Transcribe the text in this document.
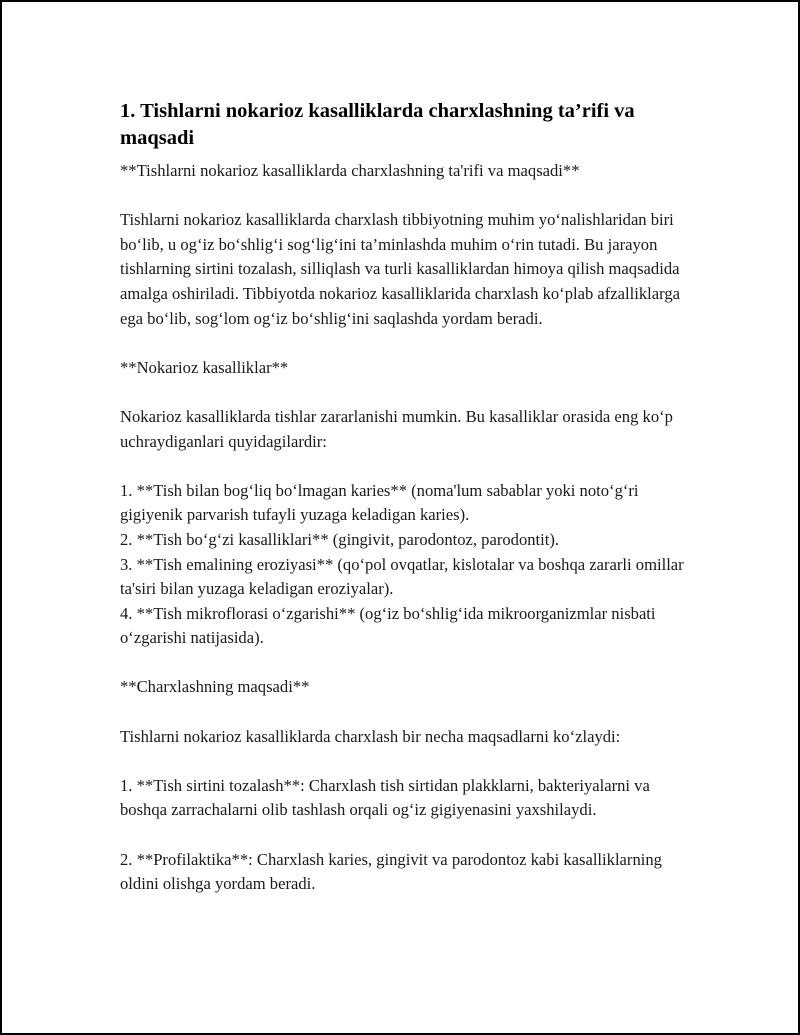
1. Tishlarni nokarioz kasalliklarda charxlashning ta’rifi va maqsadi

**Tishlarni nokarioz kasalliklarda charxlashning ta'rifi va maqsadi**

Tishlarni nokarioz kasalliklarda charxlash tibbiyotning muhim yo‘nalishlaridan biri bo‘lib, u og‘iz bo‘shlig‘i sog‘lig‘ini ta’minlashda muhim o‘rin tutadi. Bu jarayon tishlarning sirtini tozalash, silliqlash va turli kasalliklardan himoya qilish maqsadida amalga oshiriladi. Tibbiyotda nokarioz kasalliklarida charxlash ko‘plab afzalliklarga ega bo‘lib, sog‘lom og‘iz bo‘shlig‘ini saqlashda yordam beradi.

**Nokarioz kasalliklar**

Nokarioz kasalliklarda tishlar zararlanishi mumkin. Bu kasalliklar orasida eng ko‘p uchraydiganlari quyidagilardir:

1. **Tish bilan bog‘liq bo‘lmagan karies** (noma'lum sabablar yoki noto‘g‘ri gigiyenik parvarish tufayli yuzaga keladigan karies).

2. **Tish bo‘g‘zi kasalliklari** (gingivit, parodontoz, parodontit).

3. **Tish emalining eroziyasi** (qo‘pol ovqatlar, kislotalar va boshqa zararli omillar ta'siri bilan yuzaga keladigan eroziyalar).

4. **Tish mikroflorasi o‘zgarishi** (og‘iz bo‘shlig‘ida mikroorganizmlar nisbati o‘zgarishi natijasida).

**Charxlashning maqsadi**

Tishlarni nokarioz kasalliklarda charxlash bir necha maqsadlarni ko‘zlaydi:

1. **Tish sirtini tozalash**: Charxlash tish sirtidan plakklarni, bakteriyalarni va boshqa zarrachalarni olib tashlash orqali og‘iz gigiyenasini yaxshilaydi.

2. **Profilaktika**: Charxlash karies, gingivit va parodontoz kabi kasalliklarning oldini olishga yordam beradi.
